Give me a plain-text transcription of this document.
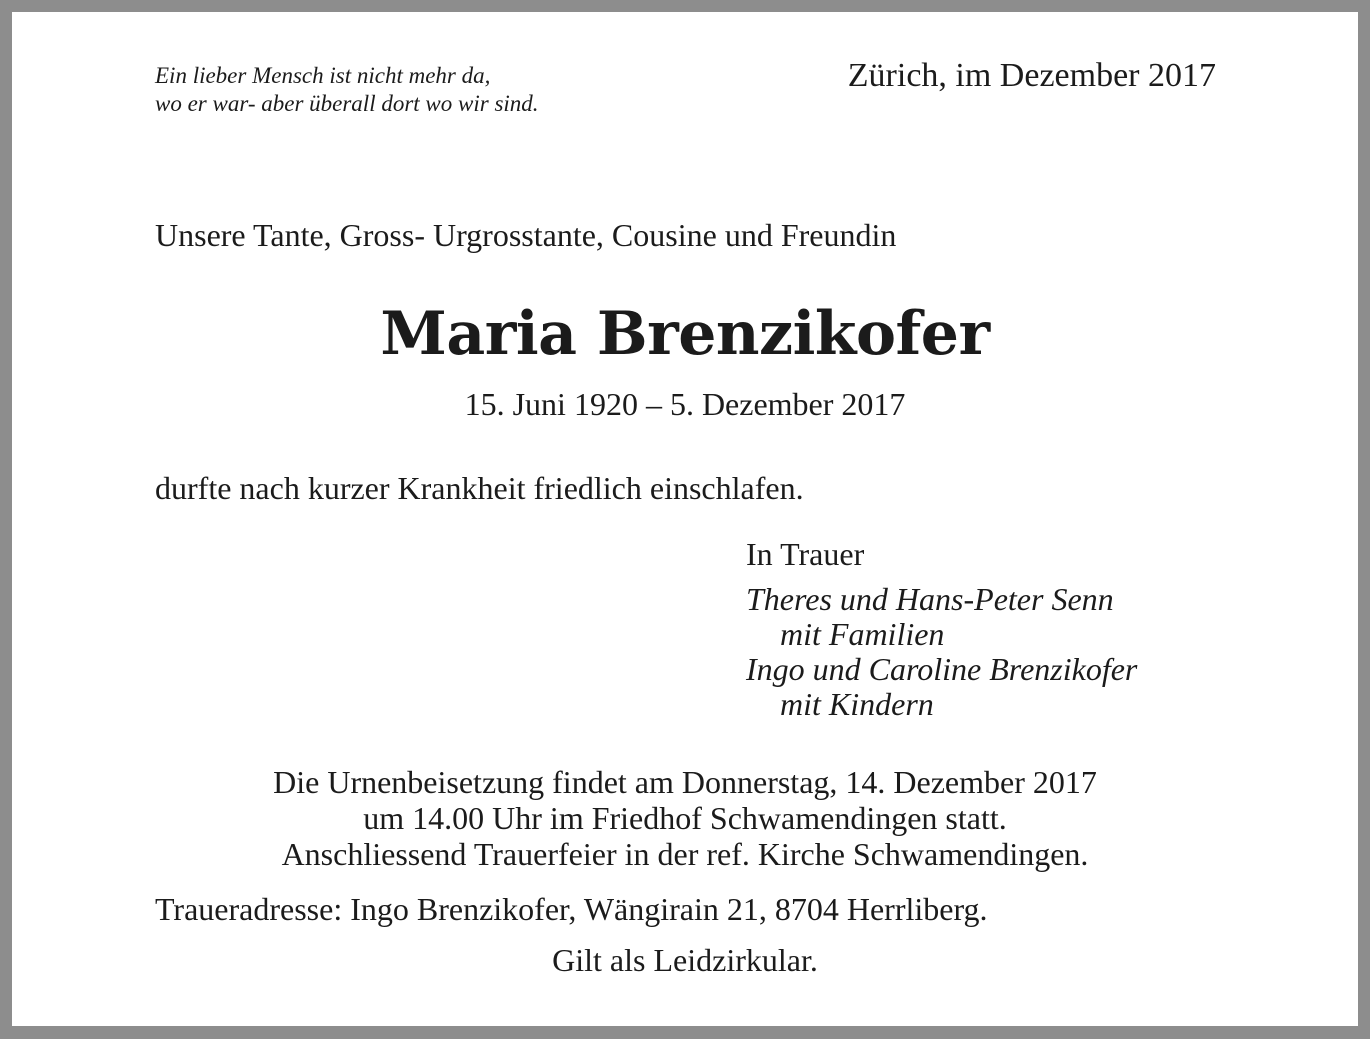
Ein lieber Mensch ist nicht mehr da,
wo er war- aber überall dort wo wir sind.
Zürich, im Dezember 2017
Unsere Tante, Gross- Urgrosstante, Cousine und Freundin
Maria Brenzikofer
15. Juni 1920 – 5. Dezember 2017
durfte nach kurzer Krankheit friedlich einschlafen.
In Trauer
Theres und Hans-Peter Senn
mit Familien
Ingo und Caroline Brenzikofer
mit Kindern
Die Urnenbeisetzung findet am Donnerstag, 14. Dezember 2017
um 14.00 Uhr im Friedhof Schwamendingen statt.
Anschliessend Trauerfeier in der ref. Kirche Schwamendingen.
Traueradresse: Ingo Brenzikofer, Wängirain 21, 8704 Herrliberg.
Gilt als Leidzirkular.
